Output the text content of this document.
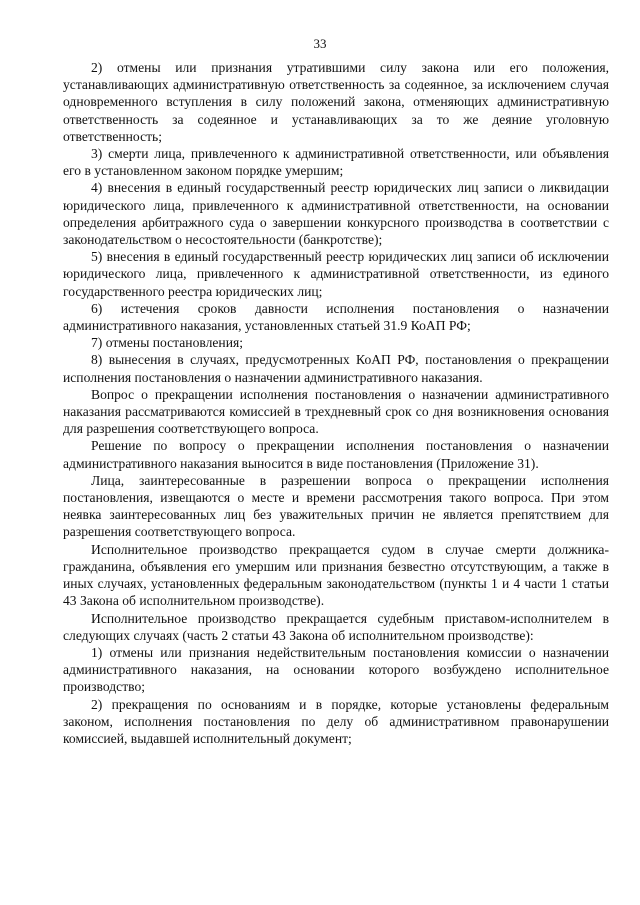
33

2) отмены или признания утратившими силу закона или его положения, устанавливающих административную ответственность за содеянное, за исключением случая одновременного вступления в силу положений закона, отменяющих административную ответственность за содеянное и устанавливающих за то же деяние уголовную ответственность;

3) смерти лица, привлеченного к административной ответственности, или объявления его в установленном законом порядке умершим;

4) внесения в единый государственный реестр юридических лиц записи о ликвидации юридического лица, привлеченного к административной ответственности, на основании определения арбитражного суда о завершении конкурсного производства в соответствии с законодательством о несостоятельности (банкротстве);

5) внесения в единый государственный реестр юридических лиц записи об исключении юридического лица, привлеченного к административной ответственности, из единого государственного реестра юридических лиц;

6) истечения сроков давности исполнения постановления о назначении административного наказания, установленных статьей 31.9 КоАП РФ;

7) отмены постановления;

8) вынесения в случаях, предусмотренных КоАП РФ, постановления о прекращении исполнения постановления о назначении административного наказания.

Вопрос о прекращении исполнения постановления о назначении административного наказания рассматриваются комиссией в трехдневный срок со дня возникновения основания для разрешения соответствующего вопроса.

Решение по вопросу о прекращении исполнения постановления о назначении административного наказания выносится в виде постановления (Приложение 31).

Лица, заинтересованные в разрешении вопроса о прекращении исполнения постановления, извещаются о месте и времени рассмотрения такого вопроса. При этом неявка заинтересованных лиц без уважительных причин не является препятствием для разрешения соответствующего вопроса.

Исполнительное производство прекращается судом в случае смерти должника-гражданина, объявления его умершим или признания безвестно отсутствующим, а также в иных случаях, установленных федеральным законодательством (пункты 1 и 4 части 1 статьи 43 Закона об исполнительном производстве).

Исполнительное производство прекращается судебным приставом-исполнителем в следующих случаях (часть 2 статьи 43 Закона об исполнительном производстве):

1) отмены или признания недействительным постановления комиссии о назначении административного наказания, на основании которого возбуждено исполнительное производство;

2) прекращения по основаниям и в порядке, которые установлены федеральным законом, исполнения постановления по делу об административном правонарушении комиссией, выдавшей исполнительный документ;
